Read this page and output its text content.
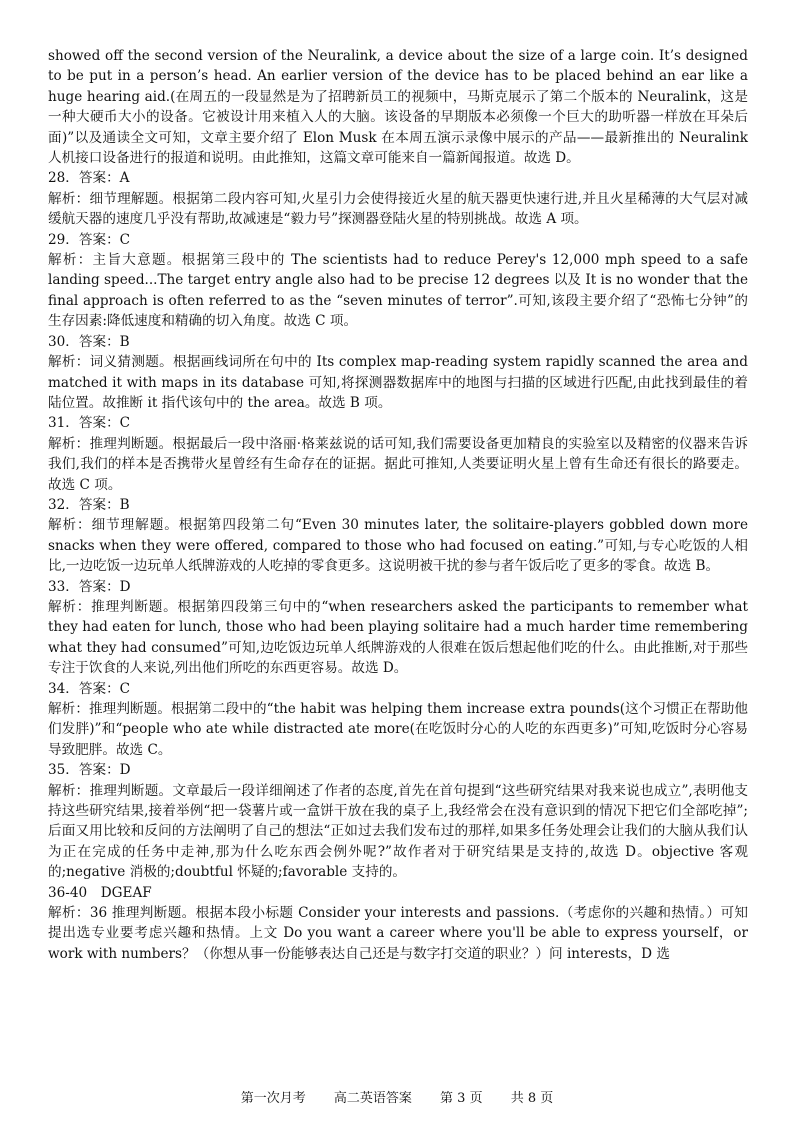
showed off the second version of the Neuralink, a device about the size of a large coin. It’s designed to be put in a person’s head. An earlier version of the device has to be placed behind an ear like a huge hearing aid.(在周五的一段显然是为了招聘新员工的视频中，马斯克展示了第二个版本的 Neuralink，这是一种大硬币大小的设备。它被设计用来植入人的大脑。该设备的早期版本必须像一个巨大的助听器一样放在耳朵后面)”以及通读全文可知，文章主要介绍了 Elon Musk 在本周五演示录像中展示的产品——最新推出的 Neuralink 人机接口设备进行的报道和说明。由此推知，这篇文章可能来自一篇新闻报道。故选 D。

28．答案：A

解析：细节理解题。根据第二段内容可知,火星引力会使得接近火星的航天器更快速行进,并且火星稀薄的大气层对减缓航天器的速度几乎没有帮助,故减速是“毅力号”探测器登陆火星的特别挑战。故选 A 项。

29．答案：C

解析：主旨大意题。根据第三段中的 The scientists had to reduce Perey's 12,000 mph speed to a safe landing speed...The target entry angle also had to be precise 12 degrees 以及 It is no wonder that the final approach is often referred to as the “seven minutes of terror”.可知,该段主要介绍了“恐怖七分钟”的生存因素:降低速度和精确的切入角度。故选 C 项。

30．答案：B

解析：词义猜测题。根据画线词所在句中的 Its complex map-reading system rapidly scanned the area and matched it with maps in its database 可知,将探测器数据库中的地图与扫描的区域进行匹配,由此找到最佳的着陆位置。故推断 it 指代该句中的 the area。故选 B 项。

31．答案：C

解析：推理判断题。根据最后一段中洛丽·格莱兹说的话可知,我们需要设备更加精良的实验室以及精密的仪器来告诉我们,我们的样本是否携带火星曾经有生命存在的证据。据此可推知,人类要证明火星上曾有生命还有很长的路要走。故选 C 项。

32．答案：B

解析：细节理解题。根据第四段第二句“Even 30 minutes later, the solitaire-players gobbled down more snacks when they were offered, compared to those who had focused on eating.”可知,与专心吃饭的人相比,一边吃饭一边玩单人纸牌游戏的人吃掉的零食更多。这说明被干扰的参与者午饭后吃了更多的零食。故选 B。

33．答案：D

解析：推理判断题。根据第四段第三句中的“when researchers asked the participants to remember what they had eaten for lunch, those who had been playing solitaire had a much harder time remembering what they had consumed”可知,边吃饭边玩单人纸牌游戏的人很难在饭后想起他们吃的什么。由此推断,对于那些专注于饮食的人来说,列出他们所吃的东西更容易。故选 D。

34．答案：C

解析：推理判断题。根据第二段中的“the habit was helping them increase extra pounds(这个习惯正在帮助他们发胖)”和“people who ate while distracted ate more(在吃饭时分心的人吃的东西更多)”可知,吃饭时分心容易导致肥胖。故选 C。

35．答案：D

解析：推理判断题。文章最后一段详细阐述了作者的态度,首先在首句提到“这些研究结果对我来说也成立”,表明他支持这些研究结果,接着举例“把一袋薯片或一盒饼干放在我的桌子上,我经常会在没有意识到的情况下把它们全部吃掉”;后面又用比较和反问的方法阐明了自己的想法“正如过去我们发布过的那样,如果多任务处理会让我们的大脑从我们认为正在完成的任务中走神,那为什么吃东西会例外呢?”故作者对于研究结果是支持的,故选 D。objective 客观的;negative 消极的;doubtful 怀疑的;favorable 支持的。

36-40　DGEAF

解析：36 推理判断题。根据本段小标题 Consider your interests and passions.（考虑你的兴趣和热情。）可知提出选专业要考虑兴趣和热情。上文 Do you want a career where you'll be able to express yourself，or work with numbers？（你想从事一份能够表达自己还是与数字打交道的职业？）问 interests，D 选

第一次月考 高二英语答案 第 3 页 共 8 页
